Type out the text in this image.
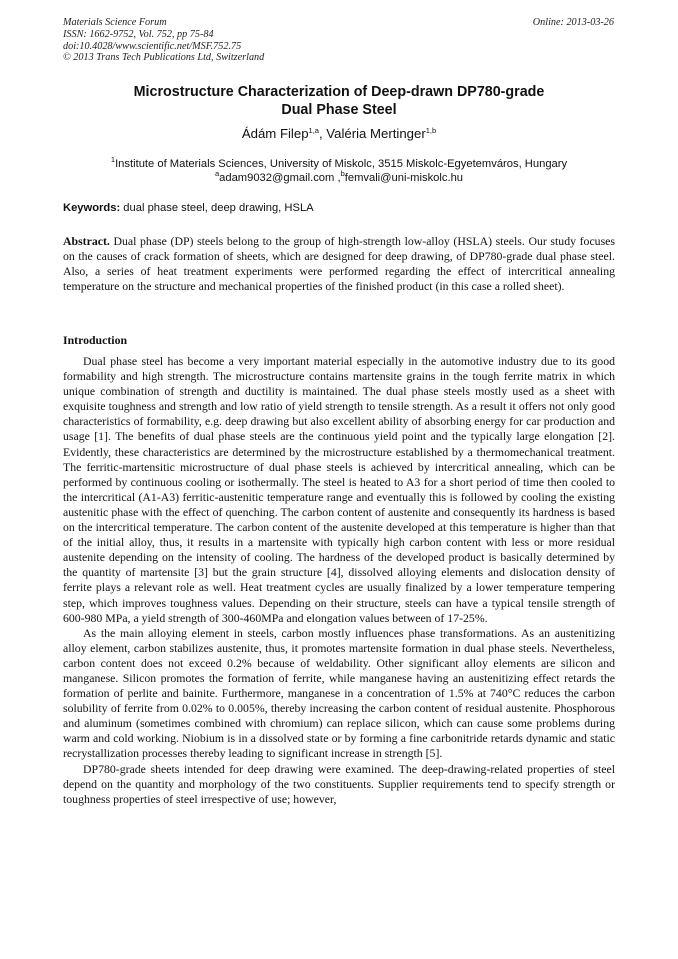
Materials Science Forum
ISSN: 1662-9752, Vol. 752, pp 75-84
doi:10.4028/www.scientific.net/MSF.752.75
© 2013 Trans Tech Publications Ltd, Switzerland
Online: 2013-03-26
Microstructure Characterization of Deep-drawn DP780-grade
Dual Phase Steel
Ádám Filep$^{1,a}$, Valéria Mertinger$^{1,b}$
$^1$Institute of Materials Sciences, University of Miskolc, 3515 Miskolc-Egyetemváros, Hungary
$^a$adam9032@gmail.com ,$^b$femvali@uni-miskolc.hu
Keywords: dual phase steel, deep drawing, HSLA
Abstract. Dual phase (DP) steels belong to the group of high-strength low-alloy (HSLA) steels. Our study focuses on the causes of crack formation of sheets, which are designed for deep drawing, of DP780-grade dual phase steel. Also, a series of heat treatment experiments were performed regarding the effect of intercritical annealing temperature on the structure and mechanical properties of the finished product (in this case a rolled sheet).
Introduction

Dual phase steel has become a very important material especially in the automotive industry due to its good formability and high strength. The microstructure contains martensite grains in the tough ferrite matrix in which unique combination of strength and ductility is maintained. The dual phase steels mostly used as a sheet with exquisite toughness and strength and low ratio of yield strength to tensile strength. As a result it offers not only good characteristics of formability, e.g. deep drawing but also excellent ability of absorbing energy for car production and usage [1]. The benefits of dual phase steels are the continuous yield point and the typically large elongation [2]. Evidently, these characteristics are determined by the microstructure established by a thermomechanical treatment. The ferritic-martensitic microstructure of dual phase steels is achieved by intercritical annealing, which can be performed by continuous cooling or isothermally. The steel is heated to A3 for a short period of time then cooled to the intercritical (A1-A3) ferritic-austenitic temperature range and eventually this is followed by cooling the existing austenitic phase with the effect of quenching. The carbon content of austenite and consequently its hardness is based on the intercritical temperature. The carbon content of the austenite developed at this temperature is higher than that of the initial alloy, thus, it results in a martensite with typically high carbon content with less or more residual austenite depending on the intensity of cooling. The hardness of the developed product is basically determined by the quantity of martensite [3] but the grain structure [4], dissolved alloying elements and dislocation density of ferrite plays a relevant role as well. Heat treatment cycles are usually finalized by a lower temperature tempering step, which improves toughness values. Depending on their structure, steels can have a typical tensile strength of 600-980 MPa, a yield strength of 300-460MPa and elongation values between of 17-25%.

As the main alloying element in steels, carbon mostly influences phase transformations. As an austenitizing alloy element, carbon stabilizes austenite, thus, it promotes martensite formation in dual phase steels. Nevertheless, carbon content does not exceed 0.2% because of weldability. Other significant alloy elements are silicon and manganese. Silicon promotes the formation of ferrite, while manganese having an austenitizing effect retards the formation of perlite and bainite. Furthermore, manganese in a concentration of 1.5% at 740°C reduces the carbon solubility of ferrite from 0.02% to 0.005%, thereby increasing the carbon content of residual austenite. Phosphorous and aluminum (sometimes combined with chromium) can replace silicon, which can cause some problems during warm and cold working. Niobium is in a dissolved state or by forming a fine carbonitride retards dynamic and static recrystallization processes thereby leading to significant increase in strength [5].

DP780-grade sheets intended for deep drawing were examined. The deep-drawing-related properties of steel depend on the quantity and morphology of the two constituents. Supplier requirements tend to specify strength or toughness properties of steel irrespective of use; however,
